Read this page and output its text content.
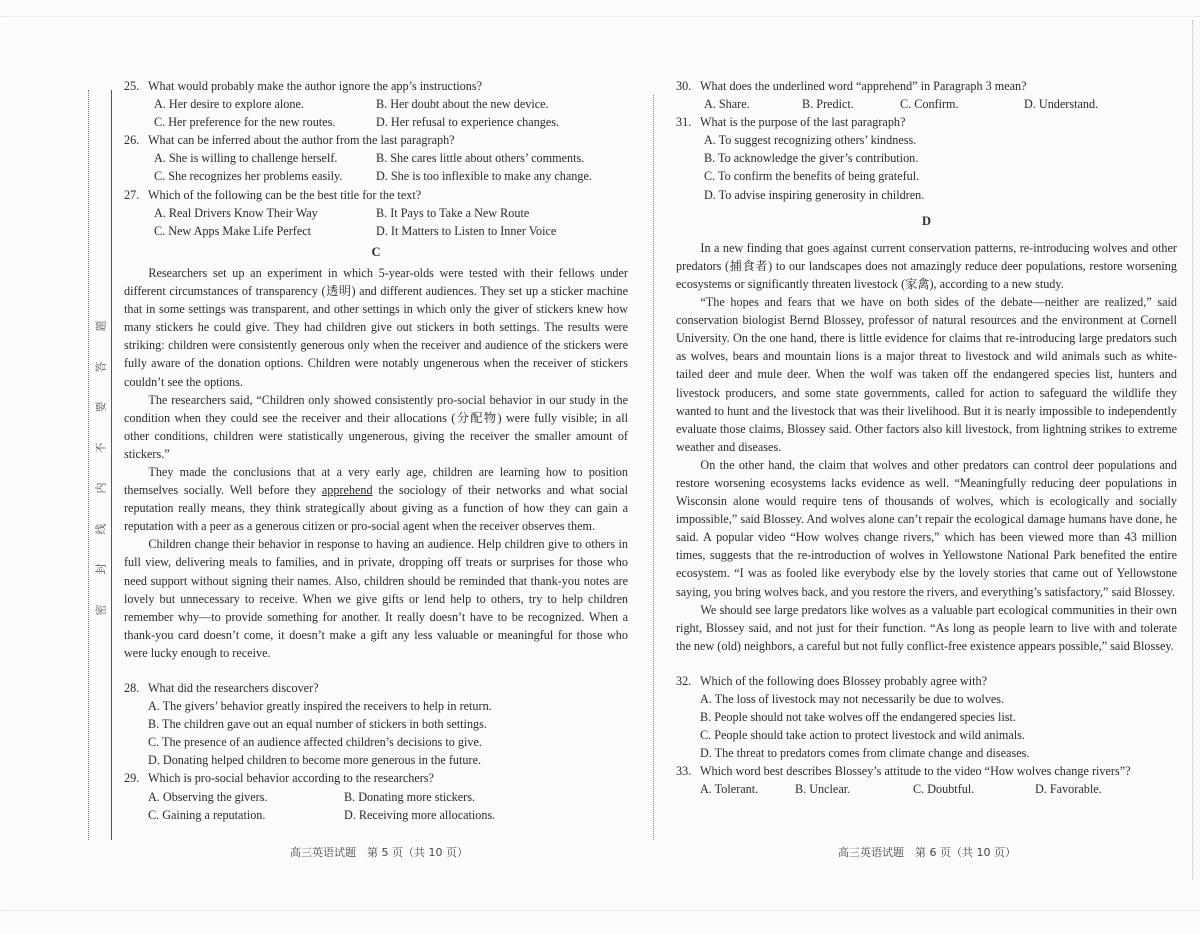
密
封
线
内
不
要
答
题
25. What would probably make the author ignore the app’s instructions?
A. Her desire to explore alone.	B. Her doubt about the new device.
C. Her preference for the new routes.	D. Her refusal to experience changes.
26. What can be inferred about the author from the last paragraph?
A. She is willing to challenge herself.	B. She cares little about others’ comments.
C. She recognizes her problems easily.	D. She is too inflexible to make any change.
27. Which of the following can be the best title for the text?
A. Real Drivers Know Their Way	B. It Pays to Take a New Route
C. New Apps Make Life Perfect	D. It Matters to Listen to Inner Voice
C

Researchers set up an experiment in which 5-year-olds were tested with their fellows under different circumstances of transparency (透明) and different audiences. They set up a sticker machine that in some settings was transparent, and other settings in which only the giver of stickers knew how many stickers he could give. They had children give out stickers in both settings. The results were striking: children were consistently generous only when the receiver and audience of the stickers were fully aware of the donation options. Children were notably ungenerous when the receiver of stickers couldn’t see the options.

The researchers said, “Children only showed consistently pro-social behavior in our study in the condition when they could see the receiver and their allocations (分配物) were fully visible; in all other conditions, children were statistically ungenerous, giving the receiver the smaller amount of stickers.”

They made the conclusions that at a very early age, children are learning how to position themselves socially. Well before they apprehend the sociology of their networks and what social reputation really means, they think strategically about giving as a function of how they can gain a reputation with a peer as a generous citizen or pro-social agent when the receiver observes them.

Children change their behavior in response to having an audience. Help children give to others in full view, delivering meals to families, and in private, dropping off treats or surprises for those who need support without signing their names. Also, children should be reminded that thank-you notes are lovely but unnecessary to receive. When we give gifts or lend help to others, try to help children remember why—to provide something for another. It really doesn’t have to be recognized. When a thank-you card doesn’t come, it doesn’t make a gift any less valuable or meaningful for those who were lucky enough to receive.

28. What did the researchers discover?
A. The givers’ behavior greatly inspired the receivers to help in return.
B. The children gave out an equal number of stickers in both settings.
C. The presence of an audience affected children’s decisions to give.
D. Donating helped children to become more generous in the future.
29. Which is pro-social behavior according to the researchers?
A. Observing the givers.	B. Donating more stickers.
C. Gaining a reputation.	D. Receiving more allocations.
高三英语试题　第 5 页（共 10 页）
30. What does the underlined word “apprehend” in Paragraph 3 mean?
A. Share.	B. Predict.	C. Confirm.	D. Understand.
31. What is the purpose of the last paragraph?
A. To suggest recognizing others’ kindness.
B. To acknowledge the giver’s contribution.
C. To confirm the benefits of being grateful.
D. To advise inspiring generosity in children.
D

In a new finding that goes against current conservation patterns, re-introducing wolves and other predators (捕食者) to our landscapes does not amazingly reduce deer populations, restore worsening ecosystems or significantly threaten livestock (家禽), according to a new study.

“The hopes and fears that we have on both sides of the debate—neither are realized,” said conservation biologist Bernd Blossey, professor of natural resources and the environment at Cornell University. On the one hand, there is little evidence for claims that re-introducing large predators such as wolves, bears and mountain lions is a major threat to livestock and wild animals such as white-tailed deer and mule deer. When the wolf was taken off the endangered species list, hunters and livestock producers, and some state governments, called for action to safeguard the wildlife they wanted to hunt and the livestock that was their livelihood. But it is nearly impossible to independently evaluate those claims, Blossey said. Other factors also kill livestock, from lightning strikes to extreme weather and diseases.

On the other hand, the claim that wolves and other predators can control deer populations and restore worsening ecosystems lacks evidence as well. “Meaningfully reducing deer populations in Wisconsin alone would require tens of thousands of wolves, which is ecologically and socially impossible,” said Blossey. And wolves alone can’t repair the ecological damage humans have done, he said. A popular video “How wolves change rivers,” which has been viewed more than 43 million times, suggests that the re-introduction of wolves in Yellowstone National Park benefited the entire ecosystem. “I was as fooled like everybody else by the lovely stories that came out of Yellowstone saying, you bring wolves back, and you restore the rivers, and everything’s satisfactory,” said Blossey.

We should see large predators like wolves as a valuable part ecological communities in their own right, Blossey said, and not just for their function. “As long as people learn to live with and tolerate the new (old) neighbors, a careful but not fully conflict-free existence appears possible,” said Blossey.

32. Which of the following does Blossey probably agree with?
A. The loss of livestock may not necessarily be due to wolves.
B. People should not take wolves off the endangered species list.
C. People should take action to protect livestock and wild animals.
D. The threat to predators comes from climate change and diseases.
33. Which word best describes Blossey’s attitude to the video “How wolves change rivers”?
A. Tolerant.	B. Unclear.	C. Doubtful.	D. Favorable.
高三英语试题　第 6 页（共 10 页）
